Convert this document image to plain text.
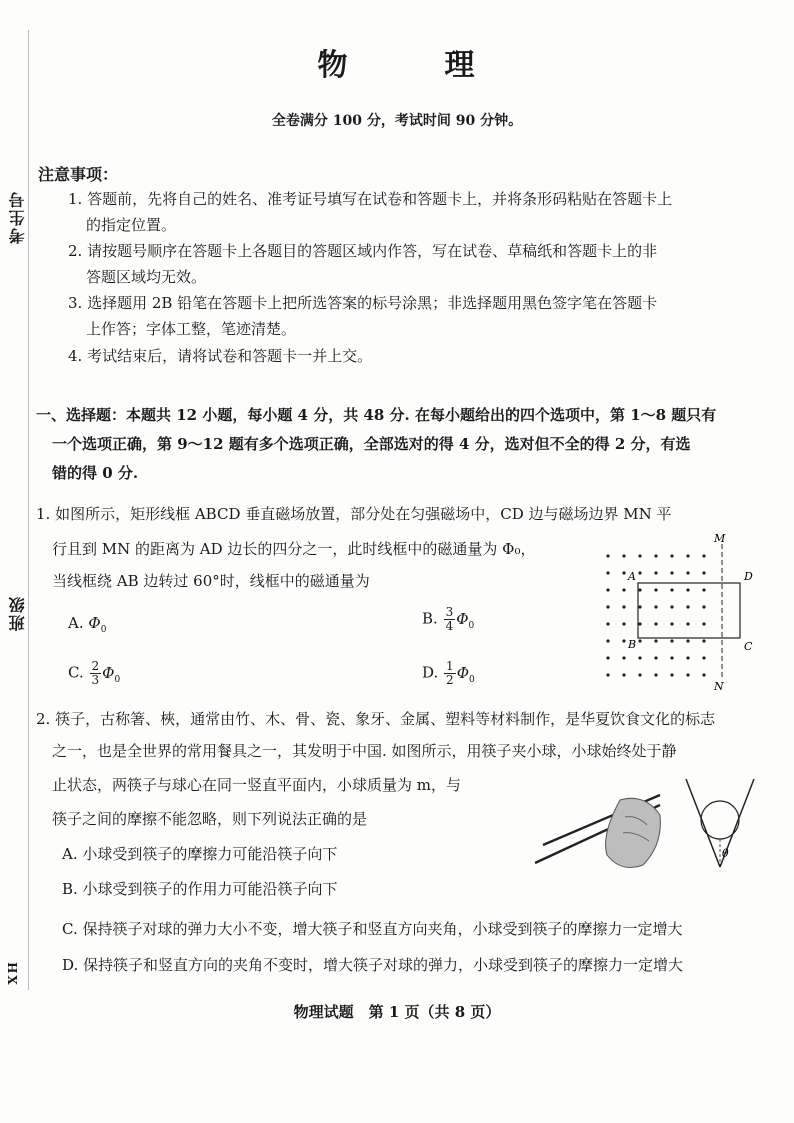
考生号
班级
XH
物	理
全卷满分 100 分，考试时间 90 分钟。
注意事项：
1. 答题前，先将自己的姓名、准考证号填写在试卷和答题卡上，并将条形码粘贴在答题卡上
的指定位置。
2. 请按题号顺序在答题卡上各题目的答题区域内作答，写在试卷、草稿纸和答题卡上的非
答题区域均无效。
3. 选择题用 2B 铅笔在答题卡上把所选答案的标号涂黑；非选择题用黑色签字笔在答题卡
上作答；字体工整，笔迹清楚。
4. 考试结束后，请将试卷和答题卡一并上交。
一、选择题：本题共 12 小题，每小题 4 分，共 48 分. 在每小题给出的四个选项中，第 1～8 题只有
一个选项正确，第 9～12 题有多个选项正确，全部选对的得 4 分，选对但不全的得 2 分，有选
错的得 0 分.
1. 如图所示，矩形线框 ABCD 垂直磁场放置，部分处在匀强磁场中，CD 边与磁场边界 MN 平
行且到 MN 的距离为 AD 边长的四分之一，此时线框中的磁通量为 Φ₀，
当线框绕 AB 边转过 60°时，线框中的磁通量为
A. $\Phi_0$
B. $\frac{3}{4} \Phi_0$
C. $\frac{2}{3} \Phi_0$	D. $\frac{1}{2} \Phi_0$
M
N
A
B	C
D
2. 筷子，古称箸、梜，通常由竹、木、骨、瓷、象牙、金属、塑料等材料制作，是华夏饮食文化的标志
之一，也是全世界的常用餐具之一，其发明于中国. 如图所示，用筷子夹小球，小球始终处于静
止状态，两筷子与球心在同一竖直平面内，小球质量为 m，与
筷子之间的摩擦不能忽略，则下列说法正确的是
A. 小球受到筷子的摩擦力可能沿筷子向下
B. 小球受到筷子的作用力可能沿筷子向下
C. 保持筷子对球的弹力大小不变，增大筷子和竖直方向夹角，小球受到筷子的摩擦力一定增大
D. 保持筷子和竖直方向的夹角不变时，增大筷子对球的弹力，小球受到筷子的摩擦力一定增大
θ
物理试题　第 1 页（共 8 页）
